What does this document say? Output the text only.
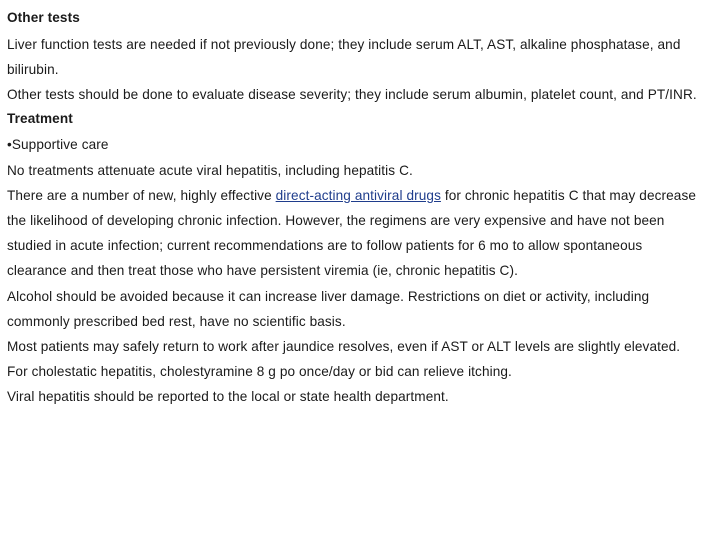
Other tests
Liver function tests are needed if not previously done; they include serum ALT, AST, alkaline phosphatase, and
bilirubin.
Other tests should be done to evaluate disease severity; they include serum albumin, platelet count, and PT/INR.
Treatment
•Supportive care
No treatments attenuate acute viral hepatitis, including hepatitis C.
There are a number of new, highly effective direct-acting antiviral drugs for chronic hepatitis C that may decrease
the likelihood of developing chronic infection. However, the regimens are very expensive and have not been
studied in acute infection; current recommendations are to follow patients for 6 mo to allow spontaneous
clearance and then treat those who have persistent viremia (ie, chronic hepatitis C).
Alcohol should be avoided because it can increase liver damage. Restrictions on diet or activity, including
commonly prescribed bed rest, have no scientific basis.
Most patients may safely return to work after jaundice resolves, even if AST or ALT levels are slightly elevated.
For cholestatic hepatitis, cholestyramine 8 g po once/day or bid can relieve itching.
Viral hepatitis should be reported to the local or state health department.
